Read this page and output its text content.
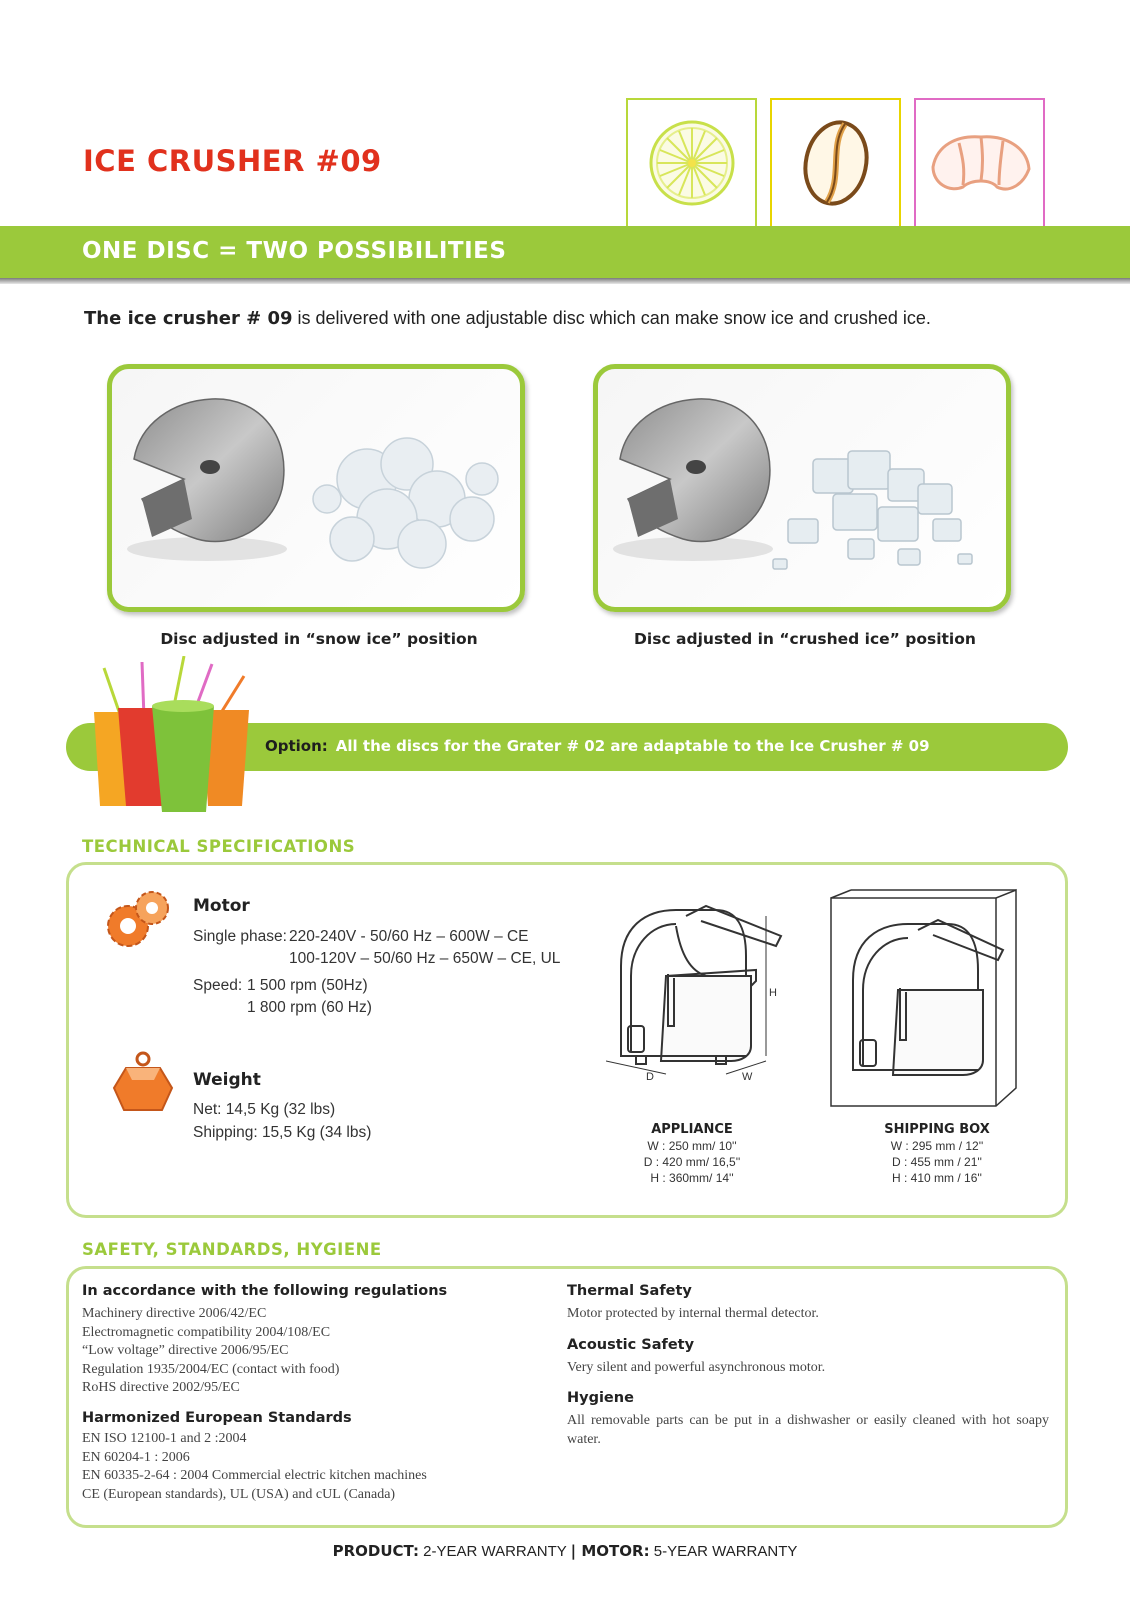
ICE CRUSHER #09
ONE DISC = TWO POSSIBILITIES
The ice crusher # 09 is delivered with one adjustable disc which can make snow ice and crushed ice.
Disc adjusted in “snow ice” position	Disc adjusted in “crushed ice” position
Option: All the discs for the Grater # 02 are adaptable to the Ice Crusher # 09
TECHNICAL SPECIFICATIONS
Motor
Single phase: 220-240V - 50/60 Hz – 600W – CE
100-120V – 50/60 Hz – 650W – CE, UL
Speed: 1 500 rpm (50Hz)
1 800 rpm (60 Hz)
Weight
Net: 14,5 Kg (32 lbs)
Shipping: 15,5 Kg (34 lbs)
H
D	W
APPLIANCE
W : 250 mm/ 10''
D : 420 mm/ 16,5''
H : 360mm/ 14''
SHIPPING BOX
W : 295 mm / 12''
D : 455 mm / 21''
H : 410 mm / 16''
SAFETY, STANDARDS, HYGIENE
In accordance with the following regulations
Machinery directive 2006/42/EC
Electromagnetic compatibility 2004/108/EC
“Low voltage” directive 2006/95/EC
Regulation 1935/2004/EC (contact with food)
RoHS directive 2002/95/EC
Harmonized European Standards
EN ISO 12100-1 and 2 :2004
EN 60204-1 : 2006
EN 60335-2-64 : 2004 Commercial electric kitchen machines
CE (European standards), UL (USA) and cUL (Canada)
Thermal Safety
Motor protected by internal thermal detector.
Acoustic Safety
Very silent and powerful asynchronous motor.
Hygiene
All removable parts can be put in a dishwasher or easily cleaned with hot soapy water.
PRODUCT: 2-YEAR WARRANTY | MOTOR: 5-YEAR WARRANTY
